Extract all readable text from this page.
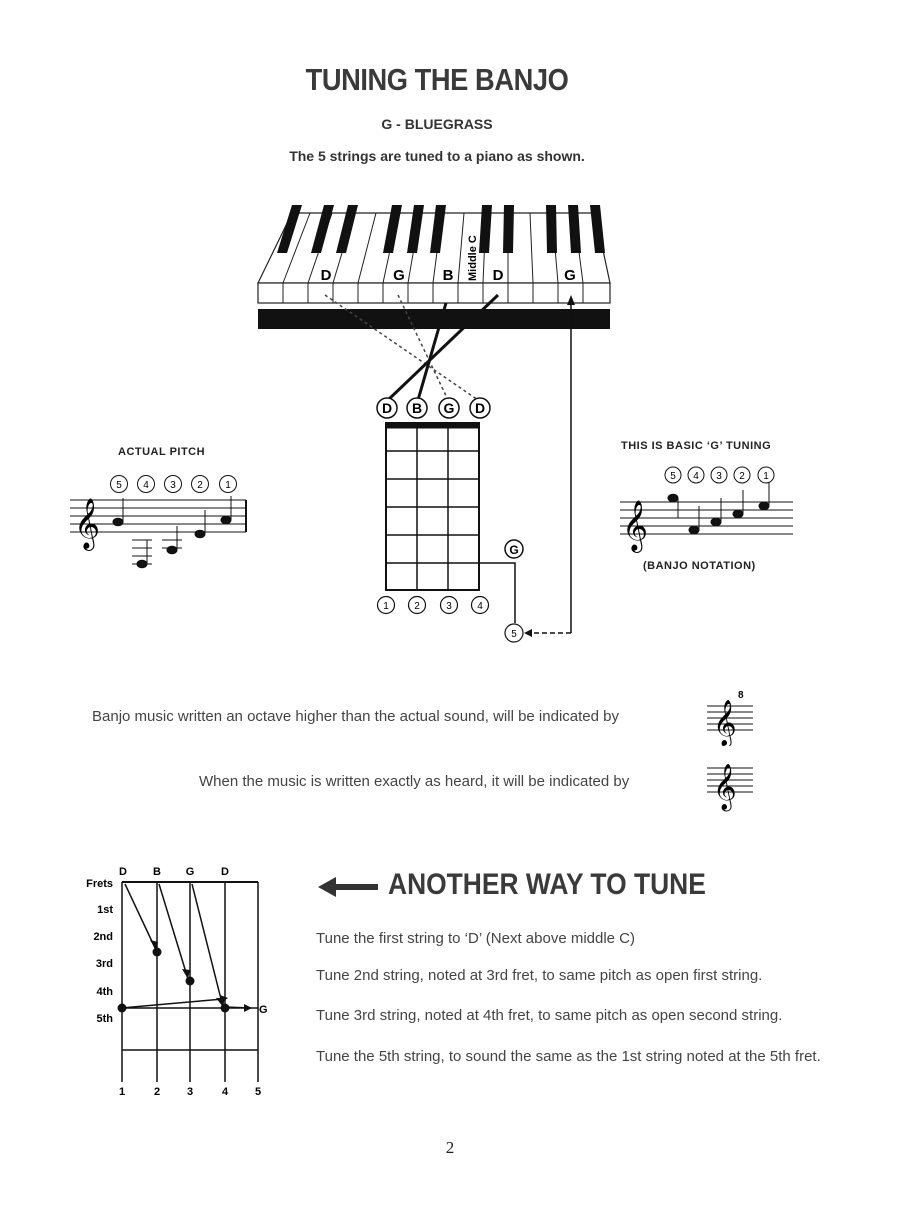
TUNING THE BANJO
G - BLUEGRASS
The 5 strings are tuned to a piano as shown.
D	G	B	D	G
Middle C
D B G D
G
5
1	2	3	4
ACTUAL PITCH
5 4 3 2 1
𝄞
THIS IS BASIC ‘G’ TUNING
5 4 3 2 1
𝄞
(BANJO NOTATION)
Banjo music written an octave higher than the actual sound, will be indicated by 𝄞
8
When the music is written exactly as heard, it will be indicated by 𝄞
D B G D
Frets
1st
2nd
3rd
4th
5th
G
1	2 3	4 5
ANOTHER WAY TO TUNE
Tune the first string to ‘D’ (Next above middle C)
Tune 2nd string, noted at 3rd fret, to same pitch as open first string.
Tune 3rd string, noted at 4th fret, to same pitch as open second string.
Tune the 5th string, to sound the same as the 1st string noted at the 5th fret.
2
